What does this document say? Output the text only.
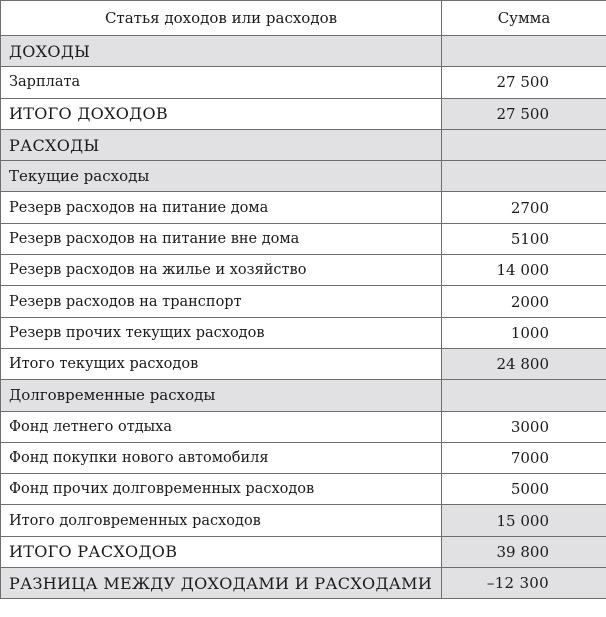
Статья доходов или расходов	Сумма
ДОХОДЫ	
Зарплата	27 500
ИТОГО ДОХОДОВ	27 500
РАСХОДЫ	
Текущие расходы	
Резерв расходов на питание дома	2700
Резерв расходов на питание вне дома	5100
Резерв расходов на жилье и хозяйство	14 000
Резерв расходов на транспорт	2000
Резерв прочих текущих расходов	1000
Итого текущих расходов	24 800
Долговременные расходы	
Фонд летнего отдыха	3000
Фонд покупки нового автомобиля	7000
Фонд прочих долговременных расходов	5000
Итого долговременных расходов	15 000
ИТОГО РАСХОДОВ	39 800
РАЗНИЦА МЕЖДУ ДОХОДАМИ И РАСХОДАМИ	–12 300
